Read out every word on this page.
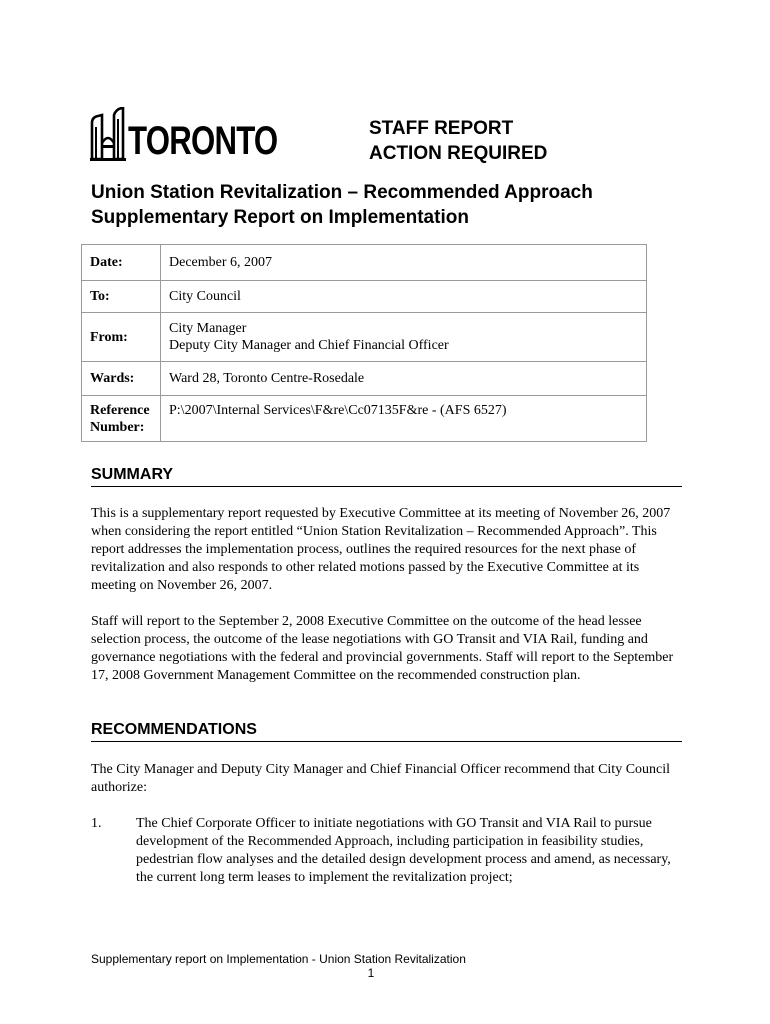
TORONTO	STAFF REPORT
ACTION REQUIRED
Union Station Revitalization – Recommended Approach
Supplementary Report on Implementation
Date:	December 6, 2007
To:	City Council
From:	City Manager
Deputy City Manager and Chief Financial Officer

Wards:	Ward 28, Toronto Centre-Rosedale

Reference
Number:	P:\2007\Internal Services\F&re\Cc07135F&re - (AFS 6527)
SUMMARY

This is a supplementary report requested by Executive Committee at its meeting of November 26, 2007 when considering the report entitled “Union Station Revitalization – Recommended Approach”. This report addresses the implementation process, outlines the required resources for the next phase of revitalization and also responds to other related motions passed by the Executive Committee at its meeting on November 26, 2007.

Staff will report to the September 2, 2008 Executive Committee on the outcome of the head lessee selection process, the outcome of the lease negotiations with GO Transit and VIA Rail, funding and governance negotiations with the federal and provincial governments. Staff will report to the September 17, 2008 Government Management Committee on the recommended construction plan.

RECOMMENDATIONS

The City Manager and Deputy City Manager and Chief Financial Officer recommend that City Council authorize:

1. The Chief Corporate Officer to initiate negotiations with GO Transit and VIA Rail to pursue development of the Recommended Approach, including participation in feasibility studies, pedestrian flow analyses and the detailed design development process and amend, as necessary, the current long term leases to implement the revitalization project;

Supplementary report on Implementation - Union Station Revitalization
1
